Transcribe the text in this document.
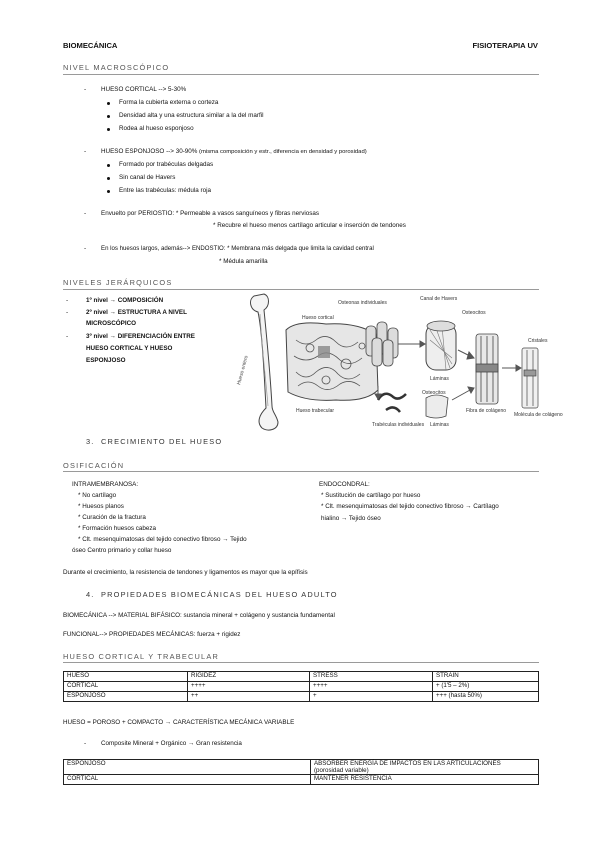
BIOMECÁNICA	FISIOTERAPIA UV
NIVEL MACROSCÓPICO
- HUESO CORTICAL --> 5-30%
Forma la cubierta externa o corteza
Densidad alta y una estructura similar a la del marfil
Rodea al hueso esponjoso
- HUESO ESPONJOSO --> 30-90% (misma composición y estr., diferencia en densidad y porosidad)
Formado por trabéculas delgadas
Sin canal de Havers
Entre las trabéculas: médula roja
- Envuelto por PERIOSTIO: * Permeable a vasos sanguíneos y fibras nerviosas
* Recubre el hueso menos cartílago articular e inserción de tendones
- En los huesos largos, además--> ENDOSTIO: * Membrana más delgada que limita la cavidad central
* Médula amarilla
NIVELES JERÁRQUICOS
-	1º nivel → COMPOSICIÓN
-	2º nivel → ESTRUCTURA A NIVEL
MICROSCÓPICO
-	3º nivel → DIFERENCIACIÓN ENTRE
HUESO CORTICAL Y HUESO
ESPONJOSO	Hueso entero
Hueso cortical
Hueso trabecular
Osteonas individuales
Canal de Havers
Osteocitos
Láminas
Fibra de colágeno
Cristales
Molécula de colágeno
Trabéculas individuales
Osteocitos
Láminas
3. CRECIMIENTO DEL HUESO
OSIFICACIÓN
INTRAMEMBRANOSA:
* No cartílago
* Huesos planos
* Curación de la fractura
* Formación huesos cabeza
* Clt. mesenquimatosas del tejido conectivo fibroso → Tejido
óseo Centro primario y collar hueso
ENDOCONDRAL:
* Sustitución de cartílago por hueso
* Clt. mesenquimatosas del tejido conectivo fibroso → Cartílago
hialino → Tejido óseo
Durante el crecimiento, la resistencia de tendones y ligamentos es mayor que la epífisis
4. PROPIEDADES BIOMECÁNICAS DEL HUESO ADULTO
BIOMECÁNICA --> MATERIAL BIFÁSICO: sustancia mineral + colágeno y sustancia fundamental
FUNCIONAL--> PROPIEDADES MECÁNICAS: fuerza + rigidez
HUESO CORTICAL Y TRABECULAR
HUESO	RIGIDEZ	STRESS	STRAIN
CORTICAL	++++	++++	+ (1'5 – 2%)
ESPONJOSO	++	+	+++ (hasta 50%)
HUESO = POROSO + COMPACTO → CARACTERÍSTICA MECÁNICA VARIABLE
- Composite Mineral + Orgánico → Gran resistencia
ESPONJOSO	ABSORBER ENERGÍA DE IMPACTOS EN LAS ARTICULACIONES
(porosidad variable)

CORTICAL	MANTENER RESISTENCIA
